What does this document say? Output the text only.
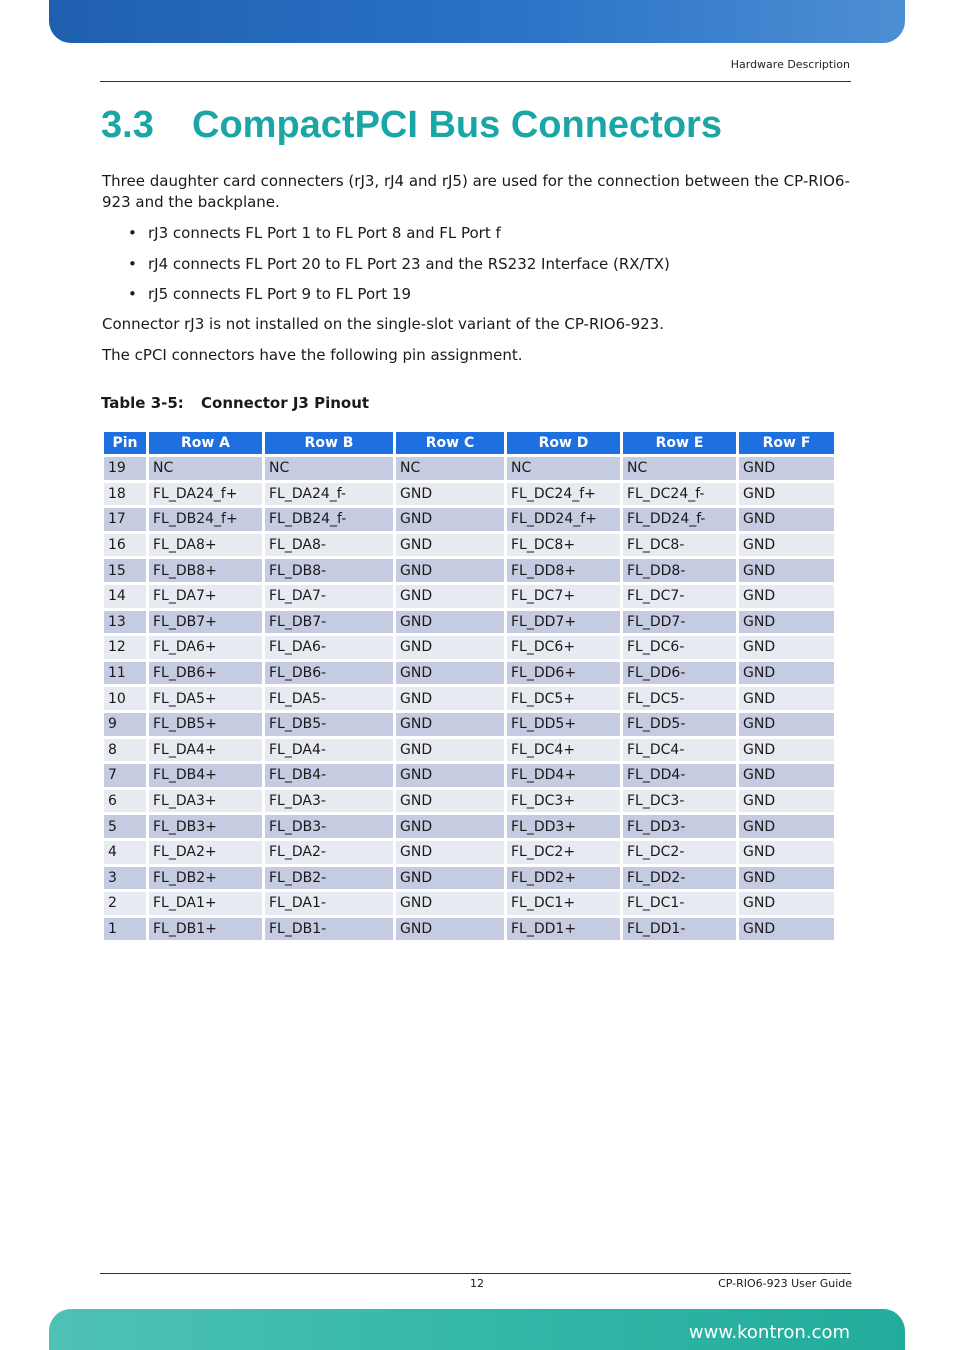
Hardware Description
3.3 CompactPCI Bus Connectors

Three daughter card connecters (rJ3, rJ4 and rJ5) are used for the connection between the CP-RIO6-923 and the backplane.

• rJ3 connects FL Port 1 to FL Port 8 and FL Port f
• rJ4 connects FL Port 20 to FL Port 23 and the RS232 Interface (RX/TX)
• rJ5 connects FL Port 9 to FL Port 19

Connector rJ3 is not installed on the single-slot variant of the CP-RIO6-923.

The cPCI connectors have the following pin assignment.

Table 3-5: Connector J3 Pinout
Pin	Row A	Row B	Row C	Row D	Row E	Row F
19	NC	NC	NC	NC	NC	GND
18	FL_DA24_f+	FL_DA24_f-	GND	FL_DC24_f+	FL_DC24_f-	GND
17	FL_DB24_f+	FL_DB24_f-	GND	FL_DD24_f+	FL_DD24_f-	GND
16	FL_DA8+	FL_DA8-	GND	FL_DC8+	FL_DC8-	GND
15	FL_DB8+	FL_DB8-	GND	FL_DD8+	FL_DD8-	GND
14	FL_DA7+	FL_DA7-	GND	FL_DC7+	FL_DC7-	GND
13	FL_DB7+	FL_DB7-	GND	FL_DD7+	FL_DD7-	GND
12	FL_DA6+	FL_DA6-	GND	FL_DC6+	FL_DC6-	GND
11	FL_DB6+	FL_DB6-	GND	FL_DD6+	FL_DD6-	GND
10	FL_DA5+	FL_DA5-	GND	FL_DC5+	FL_DC5-	GND
9	FL_DB5+	FL_DB5-	GND	FL_DD5+	FL_DD5-	GND
8	FL_DA4+	FL_DA4-	GND	FL_DC4+	FL_DC4-	GND
7	FL_DB4+	FL_DB4-	GND	FL_DD4+	FL_DD4-	GND
6	FL_DA3+	FL_DA3-	GND	FL_DC3+	FL_DC3-	GND
5	FL_DB3+	FL_DB3-	GND	FL_DD3+	FL_DD3-	GND
4	FL_DA2+	FL_DA2-	GND	FL_DC2+	FL_DC2-	GND
3	FL_DB2+	FL_DB2-	GND	FL_DD2+	FL_DD2-	GND
2	FL_DA1+	FL_DA1-	GND	FL_DC1+	FL_DC1-	GND
1	FL_DB1+	FL_DB1-	GND	FL_DD1+	FL_DD1-	GND
12	CP-RIO6-923 User Guide
www.kontron.com
